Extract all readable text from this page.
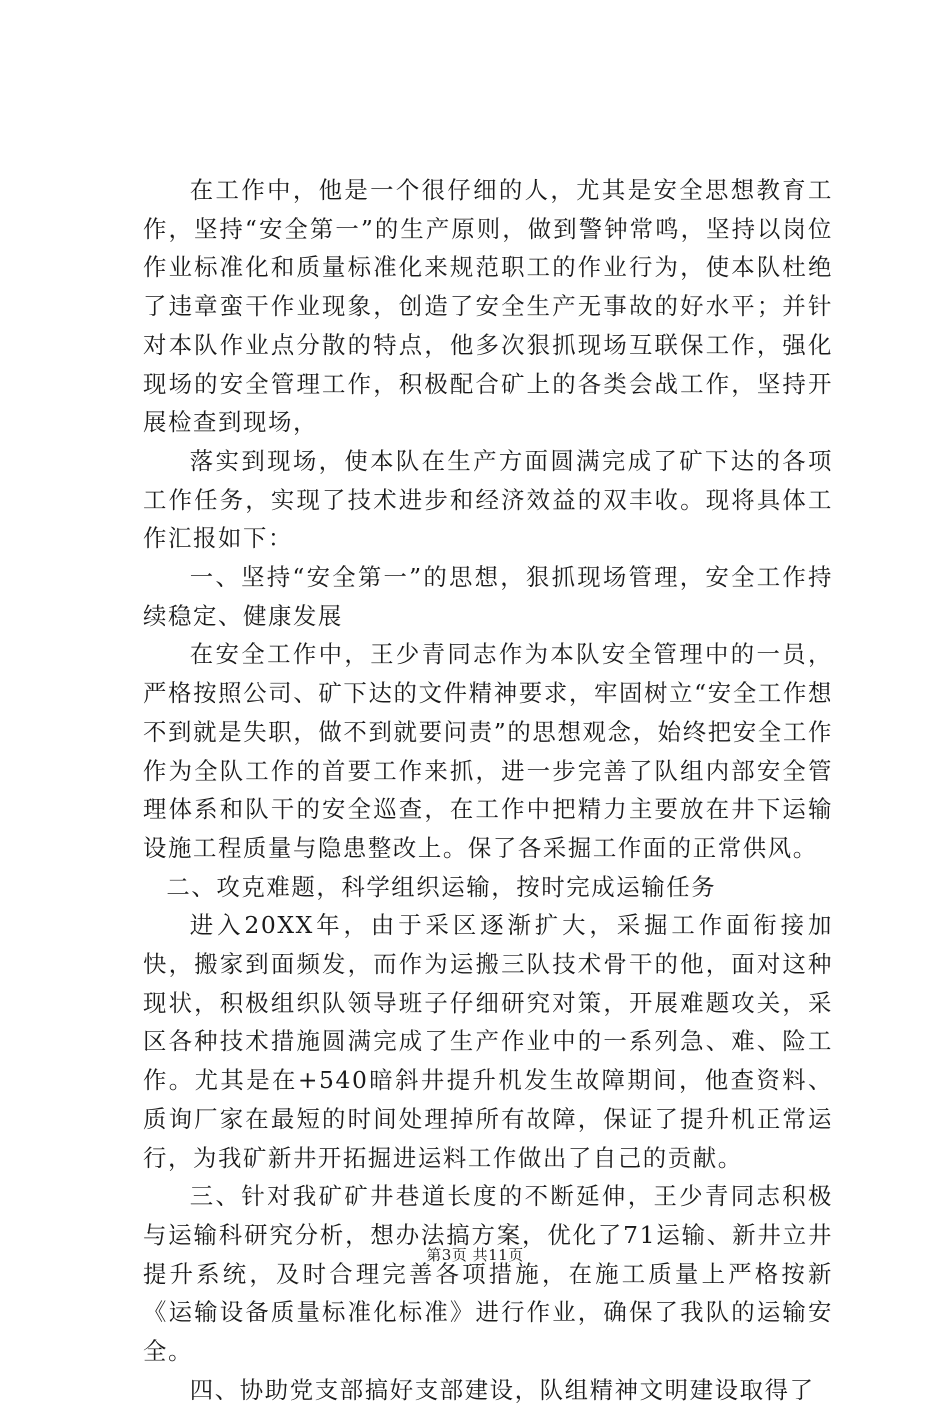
在工作中，他是一个很仔细的人，尤其是安全思想教育工作，坚持“安全第一”的生产原则，做到警钟常鸣，坚持以岗位作业标准化和质量标准化来规范职工的作业行为，使本队杜绝了违章蛮干作业现象，创造了安全生产无事故的好水平；并针对本队作业点分散的特点，他多次狠抓现场互联保工作，强化现场的安全管理工作，积极配合矿上的各类会战工作，坚持开展检查到现场，

落实到现场，使本队在生产方面圆满完成了矿下达的各项工作任务，实现了技术进步和经济效益的双丰收。现将具体工作汇报如下：

一、坚持“安全第一”的思想，狠抓现场管理，安全工作持续稳定、健康发展

在安全工作中，王少青同志作为本队安全管理中的一员，严格按照公司、矿下达的文件精神要求，牢固树立“安全工作想不到就是失职，做不到就要问责”的思想观念，始终把安全工作作为全队工作的首要工作来抓，进一步完善了队组内部安全管理体系和队干的安全巡查，在工作中把精力主要放在井下运输设施工程质量与隐患整改上。保了各采掘工作面的正常供风。

二、攻克难题，科学组织运输，按时完成运输任务

进入20XX年，由于采区逐渐扩大，采掘工作面衔接加快，搬家到面频发，而作为运搬三队技术骨干的他，面对这种现状，积极组织队领导班子仔细研究对策，开展难题攻关，采区各种技术措施圆满完成了生产作业中的一系列急、难、险工作。尤其是在+540暗斜井提升机发生故障期间，他查资料、质询厂家在最短的时间处理掉所有故障，保证了提升机正常运行，为我矿新井开拓掘进运料工作做出了自己的贡献。

三、针对我矿矿井巷道长度的不断延伸，王少青同志积极与运输科研究分析，想办法搞方案，优化了71运输、新井立井提升系统，及时合理完善各项措施，在施工质量上严格按新《运输设备质量标准化标准》进行作业，确保了我队的运输安全。

四、协助党支部搞好支部建设，队组精神文明建设取得了

第3页 共11页
